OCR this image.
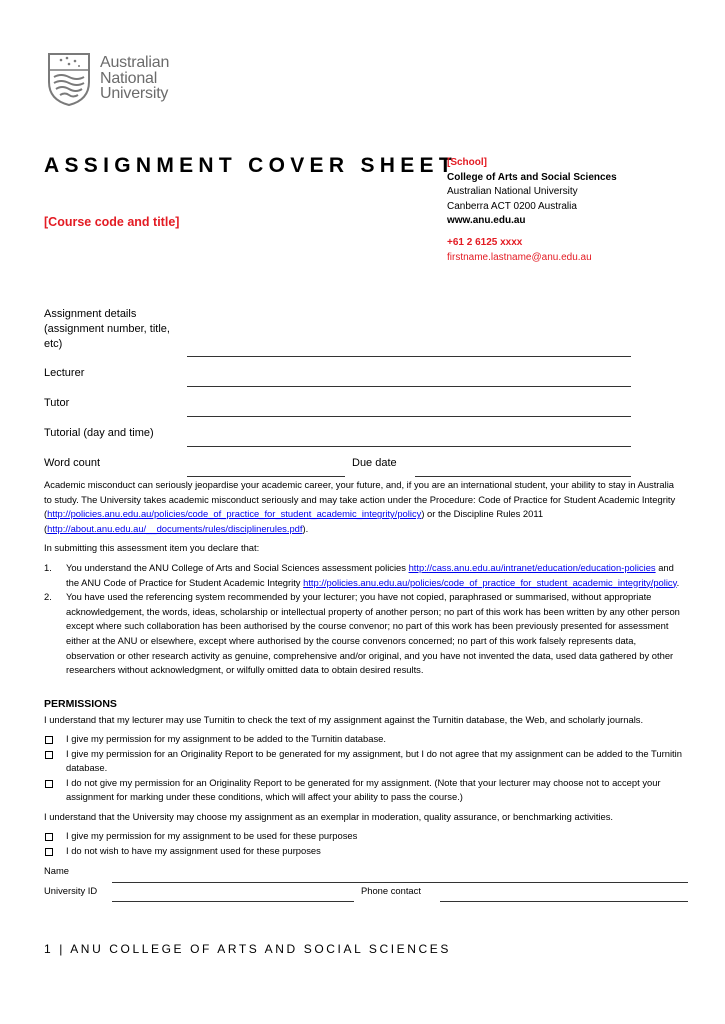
Australian
National
University
ASSIGNMENT COVER SHEET
[Course code and title]
[School]
College of Arts and Social Sciences
Australian National University
Canberra ACT 0200 Australia
www.anu.edu.au
+61 2 6125 xxxx
firstname.lastname@anu.edu.au
Assignment details
(assignment number, title,
etc)
Lecturer
Tutor
Tutorial (day and time)
Word count	Due date

Academic misconduct can seriously jeopardise your academic career, your future, and, if you are an international student, your ability to stay in Australia to study. The University takes academic misconduct seriously and may take action under the Procedure: Code of Practice for Student Academic Integrity (http://policies.anu.edu.au/policies/code_of_practice_for_student_academic_integrity/policy) or the Discipline Rules 2011 (http://about.anu.edu.au/__documents/rules/disciplinerules.pdf).

In submitting this assessment item you declare that:

1. You understand the ANU College of Arts and Social Sciences assessment policies http://cass.anu.edu.au/intranet/education/education-policies and the ANU Code of Practice for Student Academic Integrity http://policies.anu.edu.au/policies/code_of_practice_for_student_academic_integrity/policy.
2. You have used the referencing system recommended by your lecturer; you have not copied, paraphrased or summarised, without appropriate acknowledgement, the words, ideas, scholarship or intellectual property of another person; no part of this work has been written by any other person except where such collaboration has been authorised by the course convenor; no part of this work has been previously presented for assessment either at the ANU or elsewhere, except where authorised by the course convenors concerned; no part of this work falsely represents data, observation or other research activity as genuine, comprehensive and/or original, and you have not invented the data, used data gathered by other researchers without acknowledgment, or wilfully omitted data to obtain desired results.
PERMISSIONS
I understand that my lecturer may use Turnitin to check the text of my assignment against the Turnitin database, the Web, and scholarly journals.
I give my permission for my assignment to be added to the Turnitin database.
I give my permission for an Originality Report to be generated for my assignment, but I do not agree that my assignment can be added to the Turnitin database.
I do not give my permission for an Originality Report to be generated for my assignment. (Note that your lecturer may choose not to accept your assignment for marking under these conditions, which will affect your ability to pass the course.)
I understand that the University may choose my assignment as an exemplar in moderation, quality assurance, or benchmarking activities.
I give my permission for my assignment to be used for these purposes
I do not wish to have my assignment used for these purposes
Name
University ID	Phone contact
1 | ANU COLLEGE OF ARTS AND SOCIAL SCIENCES
